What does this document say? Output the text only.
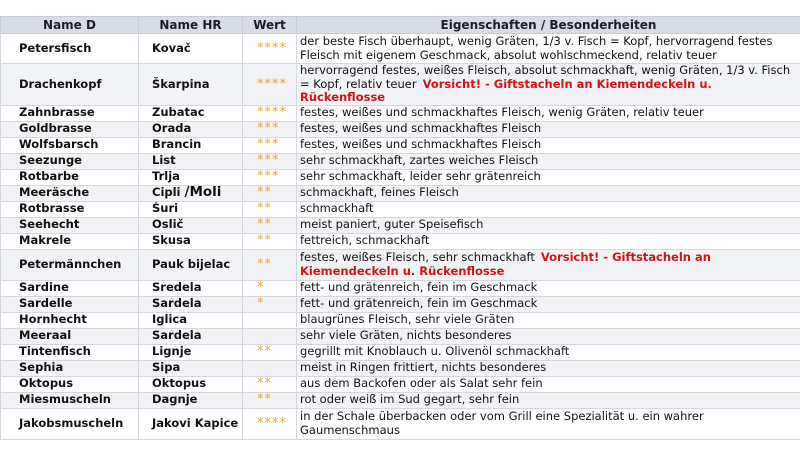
Name D	Name HR	Wert	Eigenschaften / Besonderheiten
Petersfisch	Kovač	****	der beste Fisch überhaupt, wenig Gräten, 1/3 v. Fisch = Kopf, hervorragend festes Fleisch mit eigenem Geschmack, absolut wohlschmeckend, relativ teuer
Drachenkopf	Škarpina	****	hervorragend festes, weißes Fleisch, absolut schmackhaft, wenig Gräten, 1/3 v. Fisch = Kopf, relativ teuer Vorsicht! - Giftstacheln an Kiemendeckeln u. Rückenflosse
Zahnbrasse	Zubatac	****	festes, weißes und schmackhaftes Fleisch, wenig Gräten, relativ teuer
Goldbrasse	Orada	***	festes, weißes und schmackhaftes Fleisch
Wolfsbarsch	Brancin	***	festes, weißes und schmackhaftes Fleisch
Seezunge	List	***	sehr schmackhaft, zartes weiches Fleisch
Rotbarbe	Trlja	***	sehr schmackhaft, leider sehr grätenreich
Meeräsche	Cipli /Moli	**	schmackhaft, feines Fleisch
Rotbrasse	Šuri	**	schmackhaft
Seehecht	Oslič	**	meist paniert, guter Speisefisch
Makrele	Skusa	**	fettreich, schmackhaft
Petermännchen	Pauk bijelac	**	festes, weißes Fleisch, sehr schmackhaft Vorsicht! - Giftstacheln an Kiemendeckeln u. Rückenflosse
Sardine	Sredela	*	fett- und grätenreich, fein im Geschmack
Sardelle	Sardela	*	fett- und grätenreich, fein im Geschmack
Hornhecht	Iglica		blaugrünes Fleisch, sehr viele Gräten
Meeraal	Sardela		sehr viele Gräten, nichts besonderes
Tintenfisch	Lignje	**	gegrillt mit Knoblauch u. Olivenöl schmackhaft
Sephia	Sipa		meist in Ringen frittiert, nichts besonderes
Oktopus	Oktopus	**	aus dem Backofen oder als Salat sehr fein
Miesmuscheln	Dagnje	**	rot oder weiß im Sud gegart, sehr fein
Jakobsmuscheln	Jakovi Kapice	****	in der Schale überbacken oder vom Grill eine Spezialität u. ein wahrer Gaumenschmaus
